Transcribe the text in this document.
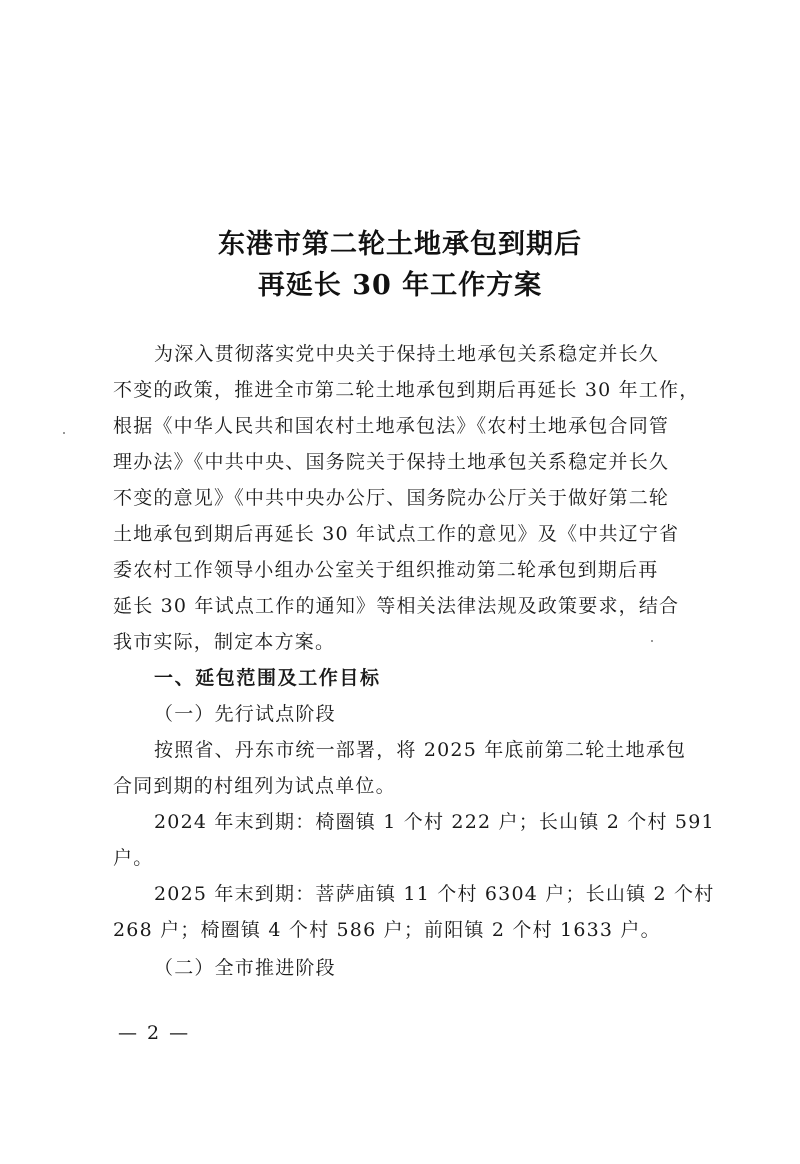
东港市第二轮土地承包到期后
再延长 30 年工作方案
为深入贯彻落实党中央关于保持土地承包关系稳定并长久
不变的政策，推进全市第二轮土地承包到期后再延长 30 年工作，
根据《中华人民共和国农村土地承包法》《农村土地承包合同管
理办法》《中共中央、国务院关于保持土地承包关系稳定并长久
不变的意见》《中共中央办公厅、国务院办公厅关于做好第二轮
土地承包到期后再延长 30 年试点工作的意见》及《中共辽宁省
委农村工作领导小组办公室关于组织推动第二轮承包到期后再
延长 30 年试点工作的通知》等相关法律法规及政策要求，结合
我市实际，制定本方案。
一、延包范围及工作目标
（一）先行试点阶段
按照省、丹东市统一部署，将 2025 年底前第二轮土地承包
合同到期的村组列为试点单位。
2024 年末到期：椅圈镇 1 个村 222 户；长山镇 2 个村 591
户。
2025 年末到期：菩萨庙镇 11 个村 6304 户；长山镇 2 个村
268 户；椅圈镇 4 个村 586 户；前阳镇 2 个村 1633 户。
（二）全市推进阶段
— 2 —
